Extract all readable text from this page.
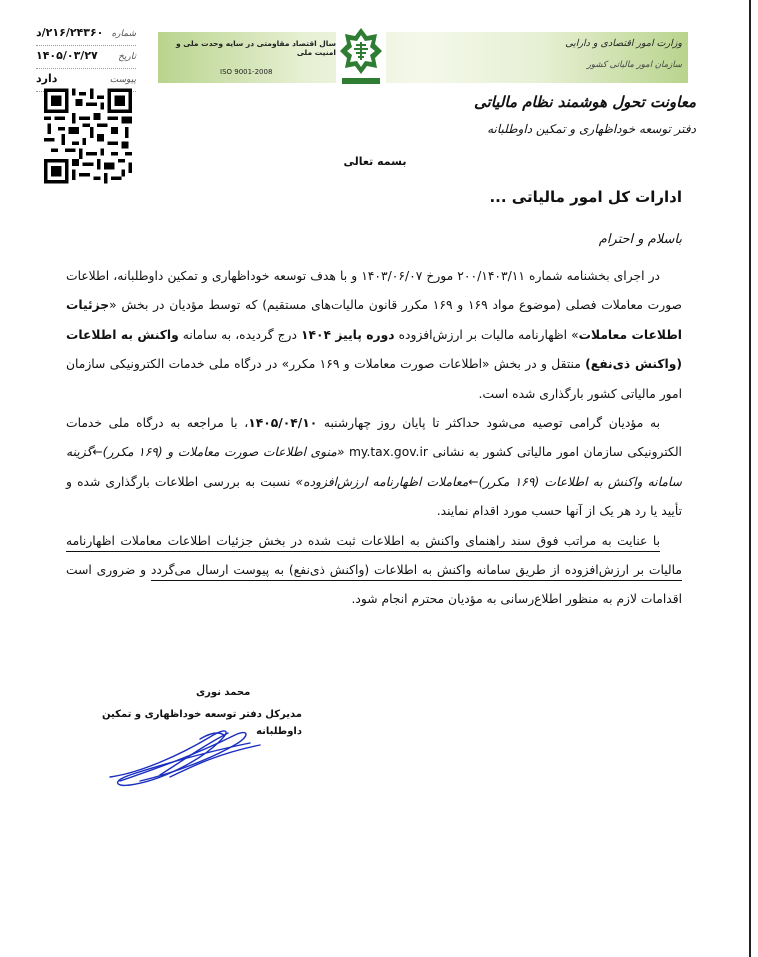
شماره
۲۱۶/۲۴۳۶۰/د
تاریخ
۱۴۰۵/۰۳/۲۷
پیوست
دارد
سال اقتصاد مقاومتی در سایه وحدت ملی و امنیت ملی
ISO 9001-2008
وزارت امور اقتصادی و دارایی
سازمان امور مالیاتی کشور
معاونت تحول هوشمند نظام مالیاتی
دفتر توسعه خوداظهاری و تمکین داوطلبانه
بسمه تعالی
ادارات کل امور مالیاتی ...
باسلام و احترام

در اجرای بخشنامه شماره ۲۰۰/۱۴۰۳/۱۱ مورخ ۱۴۰۳/۰۶/۰۷ و با هدف توسعه خوداظهاری و تمکین داوطلبانه، اطلاعات صورت معاملات فصلی (موضوع مواد ۱۶۹ و ۱۶۹ مکرر قانون مالیات‌های مستقیم) که توسط مؤدیان در بخش «جزئیات اطلاعات معاملات» اظهارنامه مالیات بر ارزش‌افزوده دوره پاییز ۱۴۰۴ درج گردیده، به سامانه واکنش به اطلاعات (واکنش ذی‌نفع) منتقل و در بخش «اطلاعات صورت معاملات و ۱۶۹ مکرر» در درگاه ملی خدمات الکترونیکی سازمان امور مالیاتی کشور بارگذاری شده است.

به مؤدیان گرامی توصیه می‌شود حداکثر تا پایان روز چهارشنبه ۱۴۰۵/۰۴/۱۰، با مراجعه به درگاه ملی خدمات الکترونیکی سازمان امور مالیاتی کشور به نشانی my.tax.gov.ir «منوی اطلاعات صورت معاملات و (۱۶۹ مکرر)←گزینه سامانه واکنش به اطلاعات (۱۶۹ مکرر)←معاملات اظهارنامه ارزش‌افزوده» نسبت به بررسی اطلاعات بارگذاری شده و تأیید یا رد هر یک از آنها حسب مورد اقدام نمایند.

با عنایت به مراتب فوق سند راهنمای واکنش به اطلاعات ثبت شده در بخش جزئیات اطلاعات معاملات اظهارنامه مالیات بر ارزش‌افزوده از طریق سامانه واکنش به اطلاعات (واکنش ذی‌نفع) به پیوست ارسال می‌گردد و ضروری است اقدامات لازم به منظور اطلاع‌رسانی به مؤدیان محترم انجام شود.

محمد نوری
مدیرکل دفتر توسعه خوداظهاری و تمکین داوطلبانه
